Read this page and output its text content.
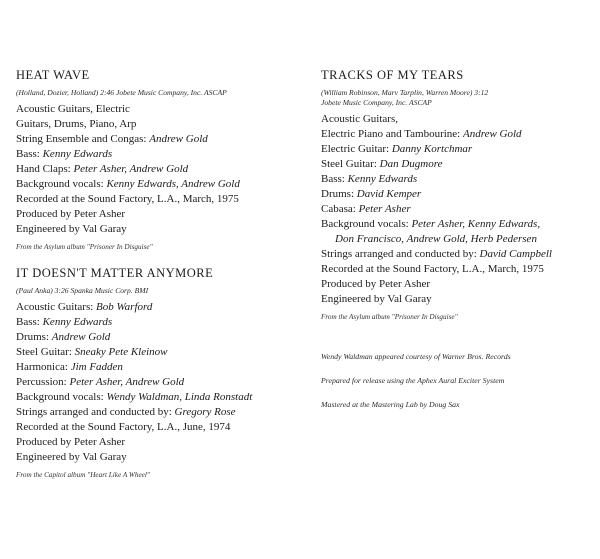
HEAT WAVE
(Holland, Dozier, Holland) 2:46 Jobete Music Company, Inc. ASCAP
Acoustic Guitars, Electric
Guitars, Drums, Piano, Arp
String Ensemble and Congas: Andrew Gold
Bass: Kenny Edwards
Hand Claps: Peter Asher, Andrew Gold
Background vocals: Kenny Edwards, Andrew Gold
Recorded at the Sound Factory, L.A., March, 1975
Produced by Peter Asher
Engineered by Val Garay
From the Asylum album "Prisoner In Disguise"
IT DOESN'T MATTER ANYMORE
(Paul Anka) 3:26 Spanka Music Corp. BMI
Acoustic Guitars: Bob Warford
Bass: Kenny Edwards
Drums: Andrew Gold
Steel Guitar: Sneaky Pete Kleinow
Harmonica: Jim Fadden
Percussion: Peter Asher, Andrew Gold
Background vocals: Wendy Waldman, Linda Ronstadt
Strings arranged and conducted by: Gregory Rose
Recorded at the Sound Factory, L.A., June, 1974
Produced by Peter Asher
Engineered by Val Garay
From the Capitol album "Heart Like A Wheel"
TRACKS OF MY TEARS
(William Robinson, Marv Tarplin, Warren Moore) 3:12
Jobete Music Company, Inc. ASCAP
Acoustic Guitars,
Electric Piano and Tambourine: Andrew Gold
Electric Guitar: Danny Kortchmar
Steel Guitar: Dan Dugmore
Bass: Kenny Edwards
Drums: David Kemper
Cabasa: Peter Asher
Background vocals: Peter Asher, Kenny Edwards,
Don Francisco, Andrew Gold, Herb Pedersen
Strings arranged and conducted by: David Campbell
Recorded at the Sound Factory, L.A., March, 1975
Produced by Peter Asher
Engineered by Val Garay
From the Asylum album "Prisoner In Disguise"
Wendy Waldman appeared courtesy of Warner Bros. Records
Prepared for release using the Aphex Aural Exciter System
Mastered at the Mastering Lab by Doug Sax
